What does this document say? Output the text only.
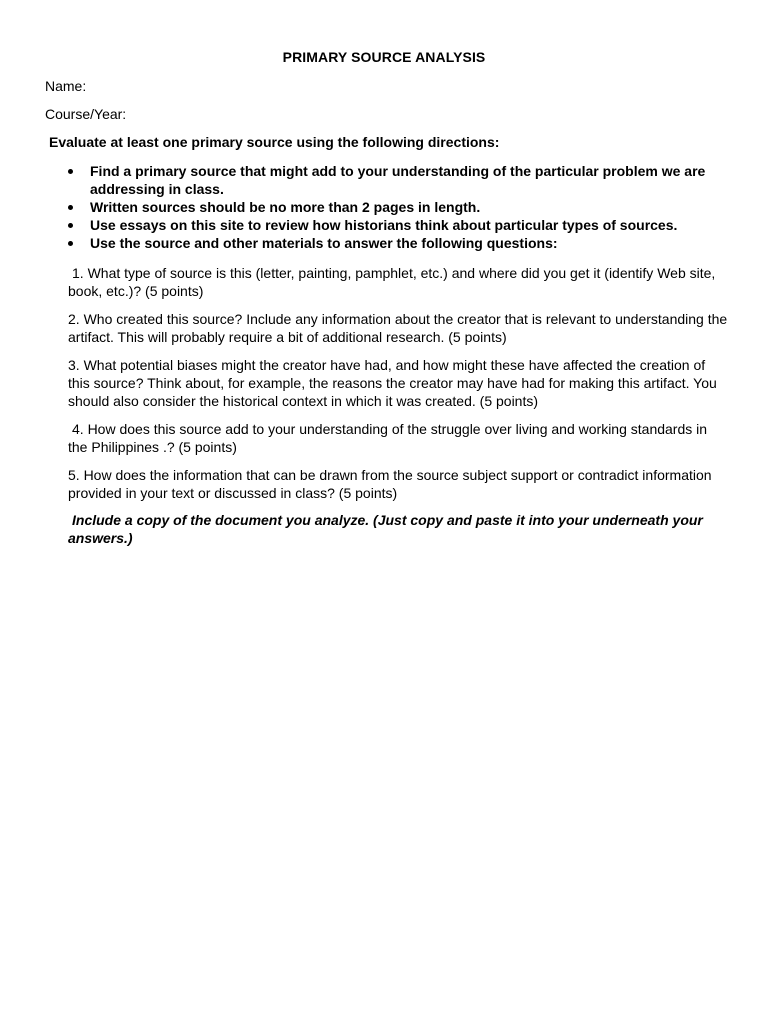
PRIMARY SOURCE ANALYSIS
Name:
Course/Year:
Evaluate at least one primary source using the following directions:
Find a primary source that might add to your understanding of the particular problem we are addressing in class.
Written sources should be no more than 2 pages in length.
Use essays on this site to review how historians think about particular types of sources.
Use the source and other materials to answer the following questions:

1. What type of source is this (letter, painting, pamphlet, etc.) and where did you get it (identify Web site, book, etc.)? (5 points)

2. Who created this source? Include any information about the creator that is relevant to understanding the artifact. This will probably require a bit of additional research. (5 points)

3. What potential biases might the creator have had, and how might these have affected the creation of this source? Think about, for example, the reasons the creator may have had for making this artifact. You should also consider the historical context in which it was created. (5 points)

4. How does this source add to your understanding of the struggle over living and working standards in the Philippines .? (5 points)

5. How does the information that can be drawn from the source subject support or contradict information provided in your text or discussed in class? (5 points)

Include a copy of the document you analyze. (Just copy and paste it into your underneath your answers.)
